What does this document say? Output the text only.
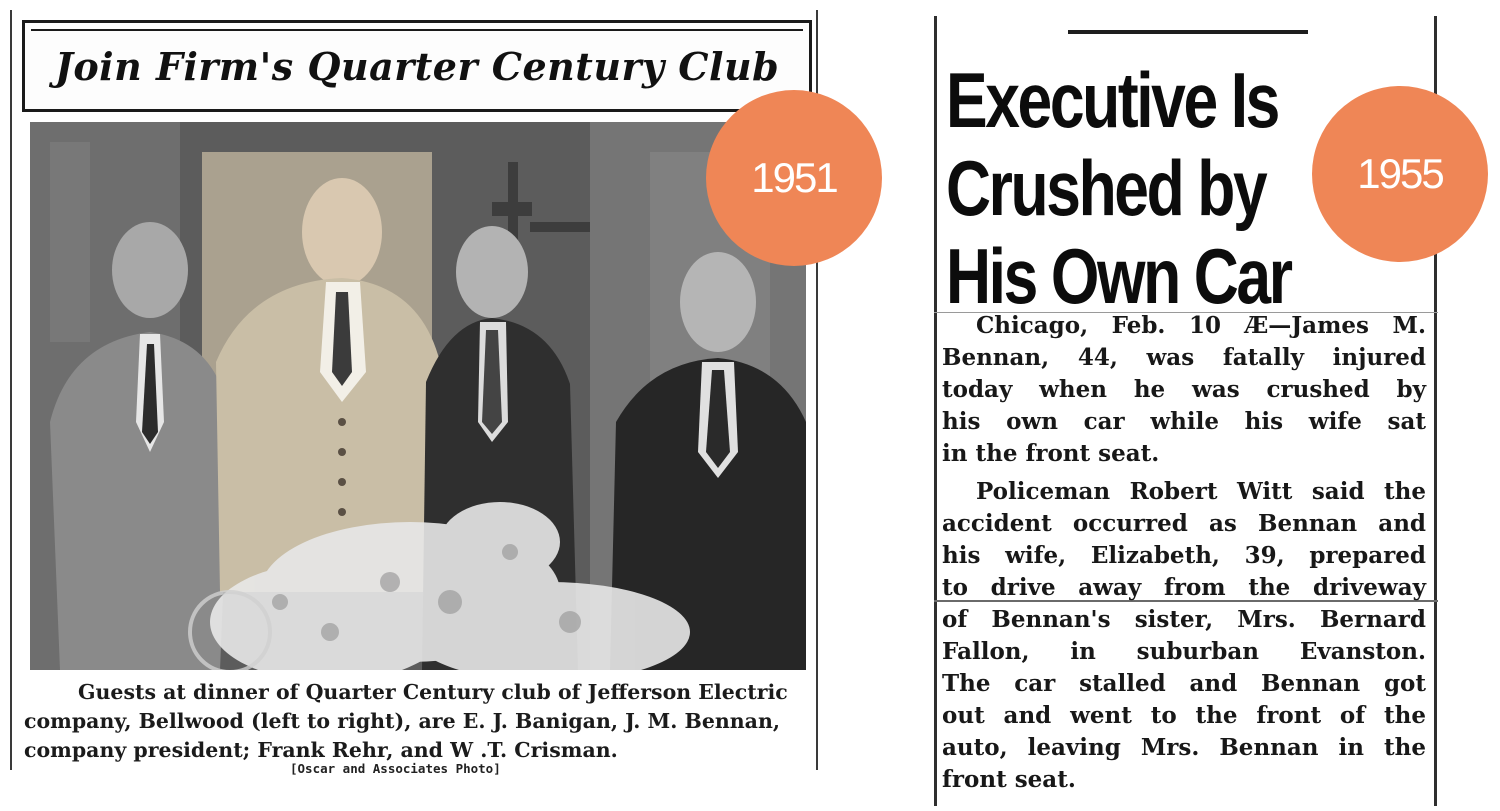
Join Firm's Quarter Century Club
Guests at dinner of Quarter Century club of Jefferson Electric
company, Bellwood (left to right), are E. J. Banigan, J. M. Bennan,
company president; Frank Rehr, and W .T. Crisman.
[Oscar and Associates Photo]
1951
Executive Is
Crushed by
His Own Car
Chicago, Feb. 10 Æ—James M.
Bennan, 44, was fatally injured
today when he was crushed by
his own car while his wife sat
in the front seat.
Policeman Robert Witt said the
accident occurred as Bennan and
his wife, Elizabeth, 39, prepared
to drive away from the driveway
of Bennan's sister, Mrs. Bernard
Fallon, in suburban Evanston.
The car stalled and Bennan got
out and went to the front of the
auto, leaving Mrs. Bennan in the
front seat.
1955
